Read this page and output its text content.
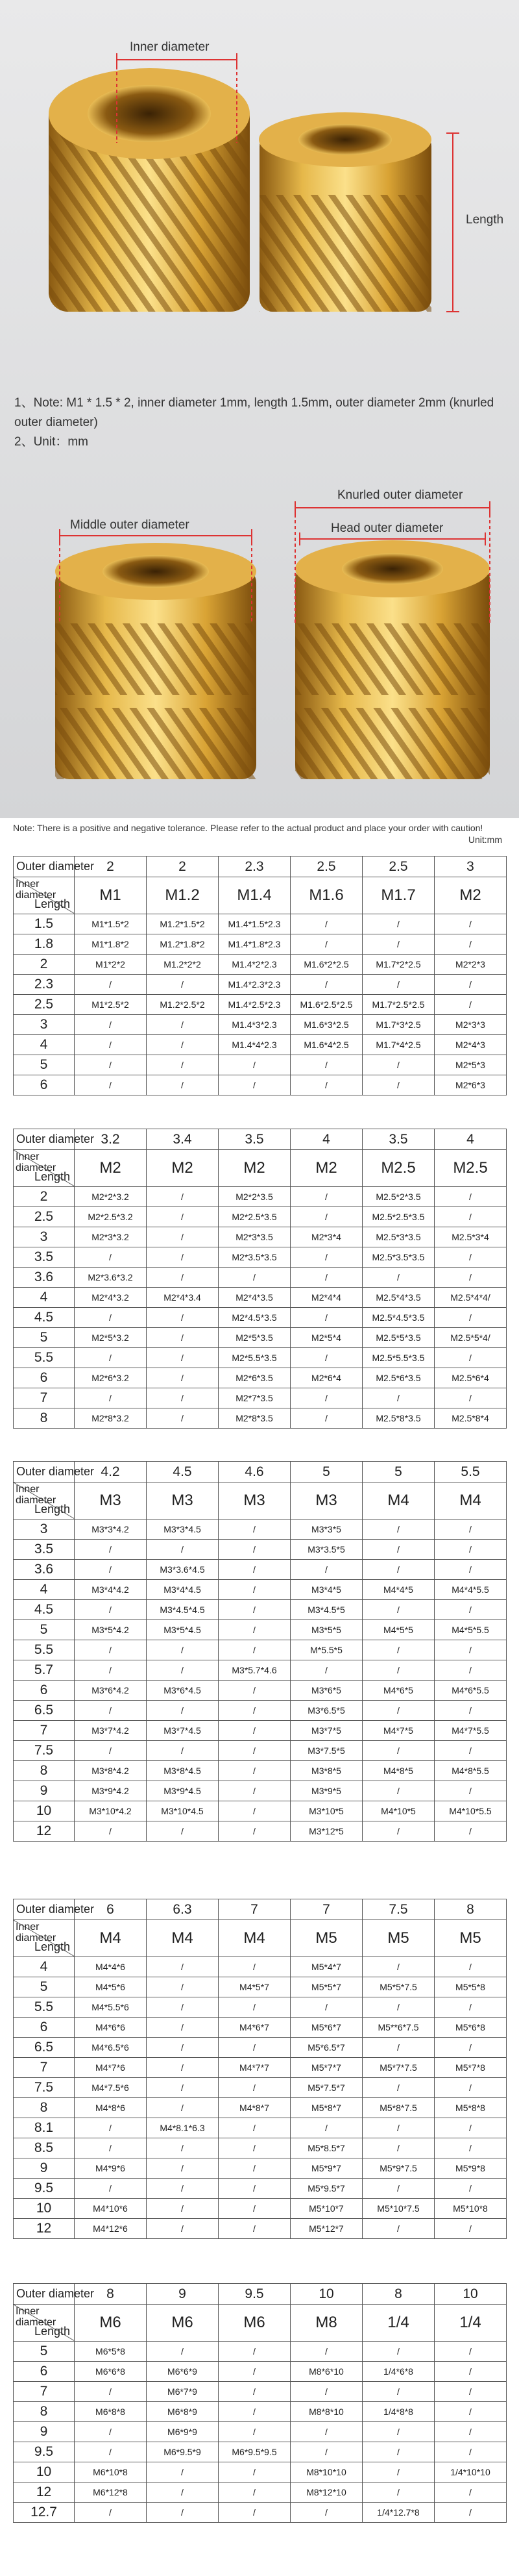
Inner diameter
Length
Knurled outer diameter
Middle outer diameter	Head outer diameter
1、Note: M1 * 1.5 * 2, inner diameter 1mm, length 1.5mm, outer diameter 2mm (knurled outer diameter)
2、Unit：mm
Note: There is a positive and negative tolerance. Please refer to the actual product and place your order with caution!
Unit:mm
Outer diameter	2	2	2.3	2.5	2.5	3

Inner diameter
Length	M1	M1.2	M1.4	M1.6	M1.7	M2
1.5	M1*1.5*2	M1.2*1.5*2	M1.4*1.5*2.3	/	/	/
1.8	M1*1.8*2	M1.2*1.8*2	M1.4*1.8*2.3	/	/	/
2	M1*2*2	M1.2*2*2	M1.4*2*2.3	M1.6*2*2.5	M1.7*2*2.5	M2*2*3
2.3	/	/	M1.4*2.3*2.3	/	/	/
2.5	M1*2.5*2	M1.2*2.5*2	M1.4*2.5*2.3	M1.6*2.5*2.5	M1.7*2.5*2.5	/
3	/	/	M1.4*3*2.3	M1.6*3*2.5	M1.7*3*2.5	M2*3*3
4	/	/	M1.4*4*2.3	M1.6*4*2.5	M1.7*4*2.5	M2*4*3
5	/	/	/	/	/	M2*5*3
6	/	/	/	/	/	M2*6*3
Outer diameter	3.2	3.4	3.5	4	3.5	4

Inner diameter
Length	M2	M2	M2	M2	M2.5	M2.5
2	M2*2*3.2	/	M2*2*3.5	/	M2.5*2*3.5	/
2.5	M2*2.5*3.2	/	M2*2.5*3.5	/	M2.5*2.5*3.5	/
3	M2*3*3.2	/	M2*3*3.5	M2*3*4	M2.5*3*3.5	M2.5*3*4
3.5	/	/	M2*3.5*3.5	/	M2.5*3.5*3.5	/
3.6	M2*3.6*3.2	/	/	/	/	/
4	M2*4*3.2	M2*4*3.4	M2*4*3.5	M2*4*4	M2.5*4*3.5	M2.5*4*4/
4.5	/	/	M2*4.5*3.5	/	M2.5*4.5*3.5	/
5	M2*5*3.2	/	M2*5*3.5	M2*5*4	M2.5*5*3.5	M2.5*5*4/
5.5	/	/	M2*5.5*3.5	/	M2.5*5.5*3.5	/
6	M2*6*3.2	/	M2*6*3.5	M2*6*4	M2.5*6*3.5	M2.5*6*4
7	/	/	M2*7*3.5	/	/	/
8	M2*8*3.2	/	M2*8*3.5	/	M2.5*8*3.5	M2.5*8*4
Outer diameter	4.2	4.5	4.6	5	5	5.5

Inner diameter
Length	M3	M3	M3	M3	M4	M4
3	M3*3*4.2	M3*3*4.5	/	M3*3*5	/	/
3.5	/	/	/	M3*3.5*5	/	/
3.6	/	M3*3.6*4.5	/	/	/	/
4	M3*4*4.2	M3*4*4.5	/	M3*4*5	M4*4*5	M4*4*5.5
4.5	/	M3*4.5*4.5	/	M3*4.5*5	/	/
5	M3*5*4.2	M3*5*4.5	/	M3*5*5	M4*5*5	M4*5*5.5
5.5	/	/	/	M*5.5*5	/	/
5.7	/	/	M3*5.7*4.6	/	/	/
6	M3*6*4.2	M3*6*4.5	/	M3*6*5	M4*6*5	M4*6*5.5
6.5	/	/	/	M3*6.5*5	/	/
7	M3*7*4.2	M3*7*4.5	/	M3*7*5	M4*7*5	M4*7*5.5
7.5	/	/	/	M3*7.5*5	/	/
8	M3*8*4.2	M3*8*4.5	/	M3*8*5	M4*8*5	M4*8*5.5
9	M3*9*4.2	M3*9*4.5	/	M3*9*5	/	/
10	M3*10*4.2	M3*10*4.5	/	M3*10*5	M4*10*5	M4*10*5.5
12	/	/	/	M3*12*5	/	/
Outer diameter	6	6.3	7	7	7.5	8

Inner diameter
Length	M4	M4	M4	M5	M5	M5
4	M4*4*6	/	/	M5*4*7	/	/
5	M4*5*6	/	M4*5*7	M5*5*7	M5*5*7.5	M5*5*8
5.5	M4*5.5*6	/	/	/	/	/
6	M4*6*6	/	M4*6*7	M5*6*7	M5**6*7.5	M5*6*8
6.5	M4*6.5*6	/	/	M5*6.5*7	/	/
7	M4*7*6	/	M4*7*7	M5*7*7	M5*7*7.5	M5*7*8
7.5	M4*7.5*6	/	/	M5*7.5*7	/	/
8	M4*8*6	/	M4*8*7	M5*8*7	M5*8*7.5	M5*8*8
8.1	/	M4*8.1*6.3	/	/	/	/
8.5	/	/	/	M5*8.5*7	/	/
9	M4*9*6	/	/	M5*9*7	M5*9*7.5	M5*9*8
9.5	/	/	/	M5*9.5*7	/	/
10	M4*10*6	/	/	M5*10*7	M5*10*7.5	M5*10*8
12	M4*12*6	/	/	M5*12*7	/	/
Outer diameter	8	9	9.5	10	8	10

Inner diameter
Length	M6	M6	M6	M8	1/4	1/4
5	M6*5*8	/	/	/	/	/
6	M6*6*8	M6*6*9	/	M8*6*10	1/4*6*8	/
7	/	M6*7*9	/	/	/	/
8	M6*8*8	M6*8*9	/	M8*8*10	1/4*8*8	/
9	/	M6*9*9	/	/	/	/
9.5	/	M6*9.5*9	M6*9.5*9.5	/	/	/
10	M6*10*8	/	/	M8*10*10	/	1/4*10*10
12	M6*12*8	/	/	M8*12*10	/	/
12.7	/	/	/	/	1/4*12.7*8	/
